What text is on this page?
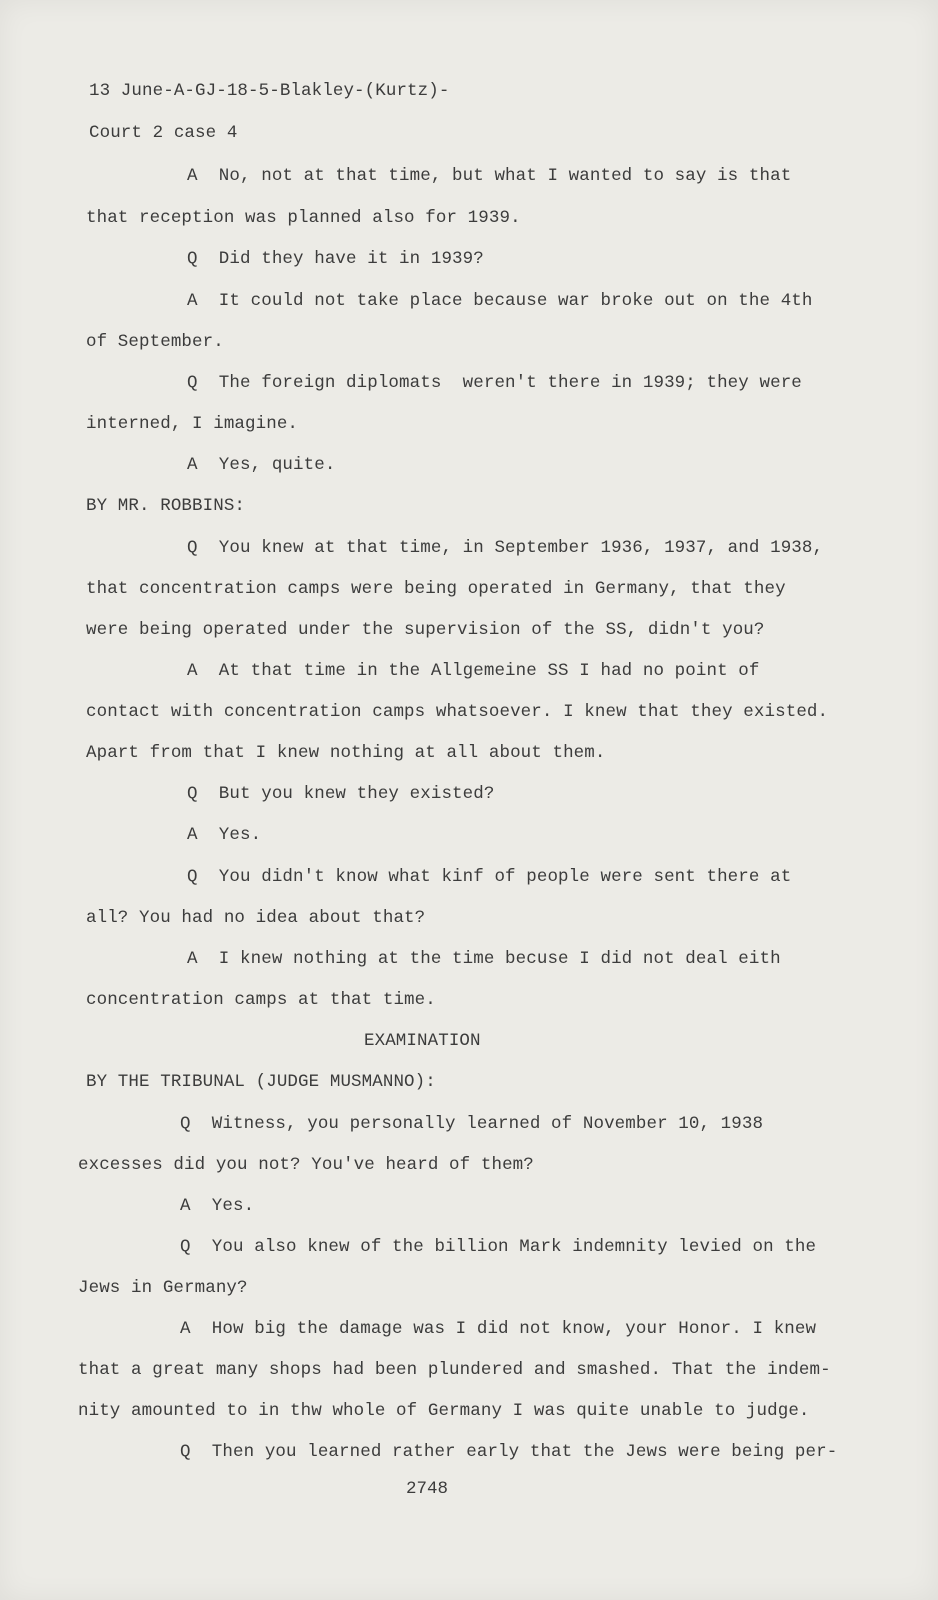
13 June-A-GJ-18-5-Blakley-(Kurtz)-
Court 2 case 4
A  No, not at that time, but what I wanted to say is that
that reception was planned also for 1939.
Q  Did they have it in 1939?
A  It could not take place because war broke out on the 4th
of September.
Q  The foreign diplomats  weren't there in 1939; they were
interned, I imagine.
A  Yes, quite.
BY MR. ROBBINS:
Q  You knew at that time, in September 1936, 1937, and 1938,
that concentration camps were being operated in Germany, that they
were being operated under the supervision of the SS, didn't you?
A  At that time in the Allgemeine SS I had no point of
contact with concentration camps whatsoever. I knew that they existed.
Apart from that I knew nothing at all about them.
Q  But you knew they existed?
A  Yes.
Q  You didn't know what kinf of people were sent there at
all? You had no idea about that?
A  I knew nothing at the time becuse I did not deal eith
concentration camps at that time.
EXAMINATION
BY THE TRIBUNAL (JUDGE MUSMANNO):
Q  Witness, you personally learned of November 10, 1938
excesses did you not? You've heard of them?
A  Yes.
Q  You also knew of the billion Mark indemnity levied on the
Jews in Germany?
A  How big the damage was I did not know, your Honor. I knew
that a great many shops had been plundered and smashed. That the indem-
nity amounted to in thw whole of Germany I was quite unable to judge.
Q  Then you learned rather early that the Jews were being per-
2748
